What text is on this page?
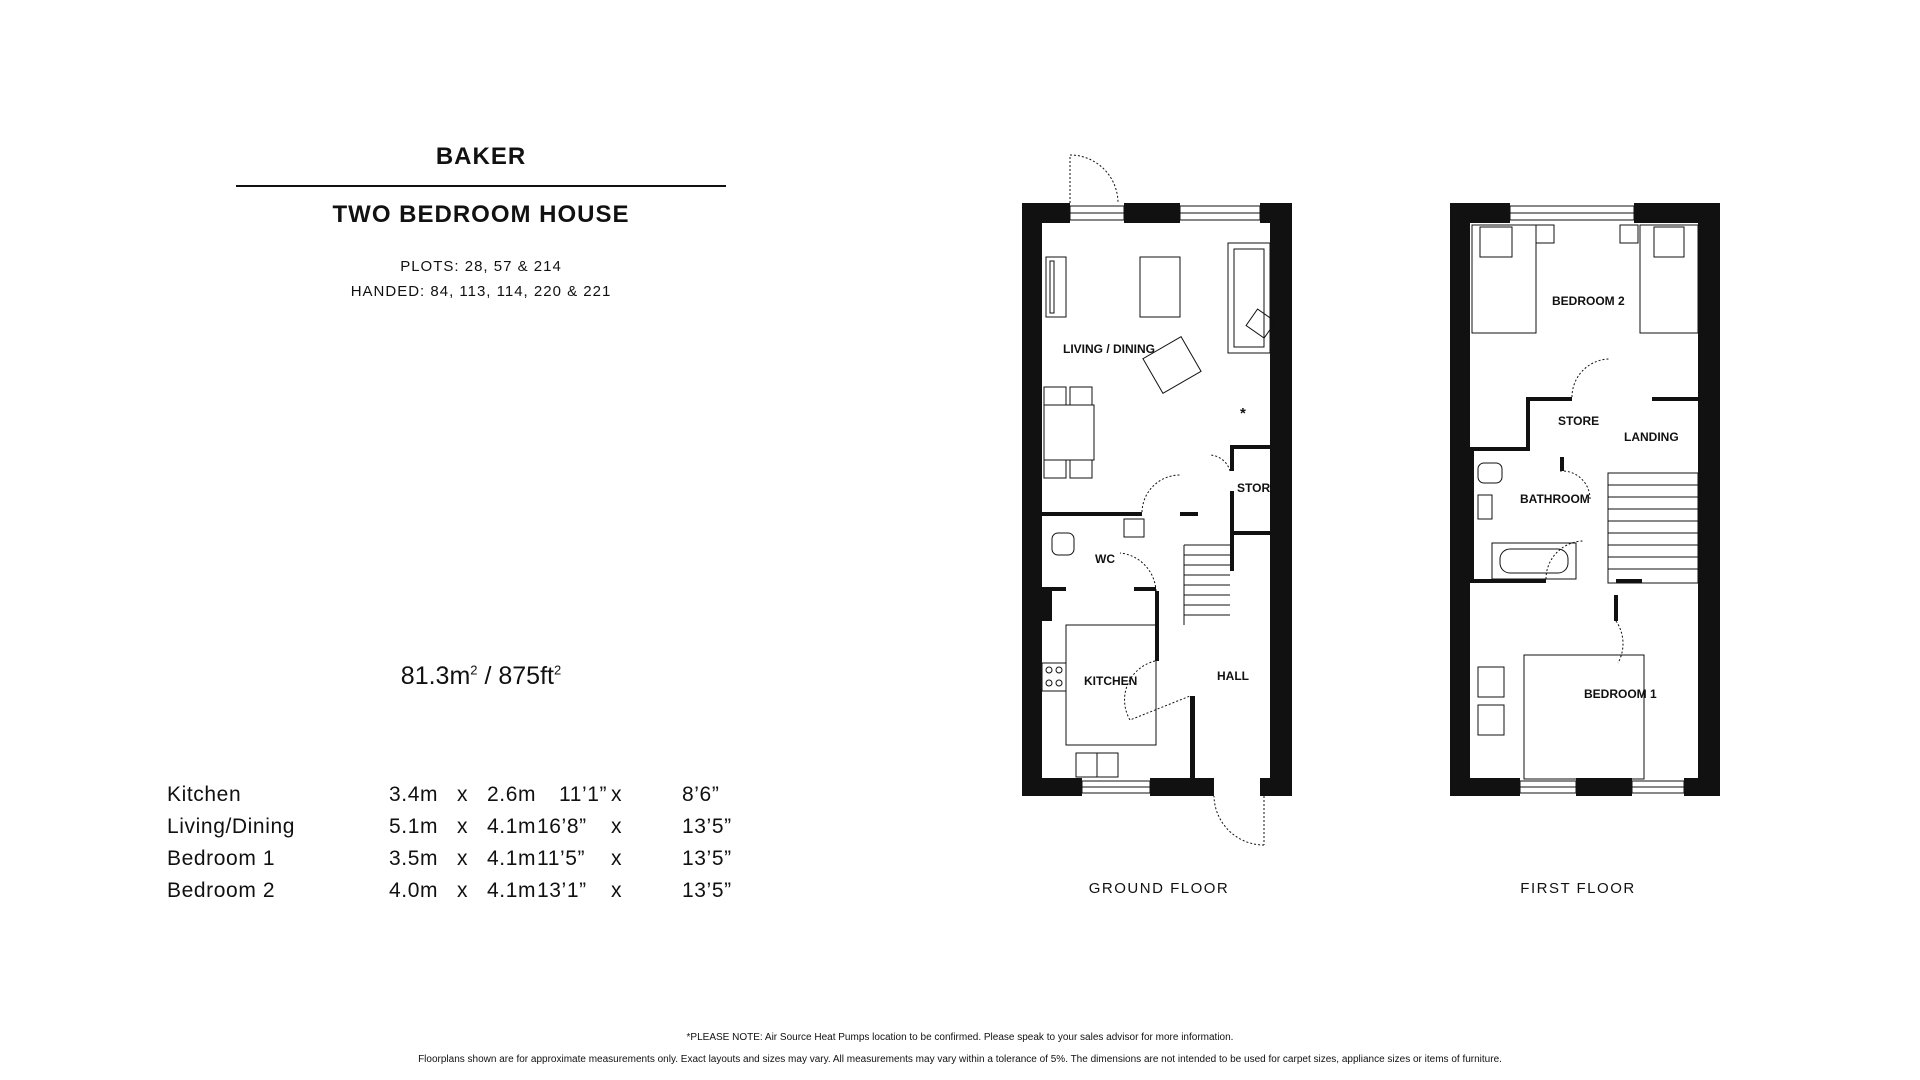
BAKER
TWO BEDROOM HOUSE
PLOTS: 28, 57 & 214
HANDED: 84, 113, 114, 220 & 221
$81.3m^2 / 875ft^2$
Kitchen	3.4m x 2.6m 11’1” x	8’6”
Living/Dining	5.1m x 4.1m 16’8” x	13’5”
Bedroom 1	3.5m x 4.1m 11’5” x	13’5”
Bedroom 2	4.0m x 4.1m 13’1” x	13’5”
LIVING / DINING
STORE
WC
KITCHEN	HALL
*
BEDROOM 2
STORE
LANDING
BATHROOM
BEDROOM 1
GROUND FLOOR	FIRST FLOOR
*PLEASE NOTE: Air Source Heat Pumps location to be confirmed. Please speak to your sales advisor for more information.
Floorplans shown are for approximate measurements only. Exact layouts and sizes may vary. All measurements may vary within a tolerance of 5%. The dimensions are not intended to be used for carpet sizes, appliance sizes or items of furniture.
